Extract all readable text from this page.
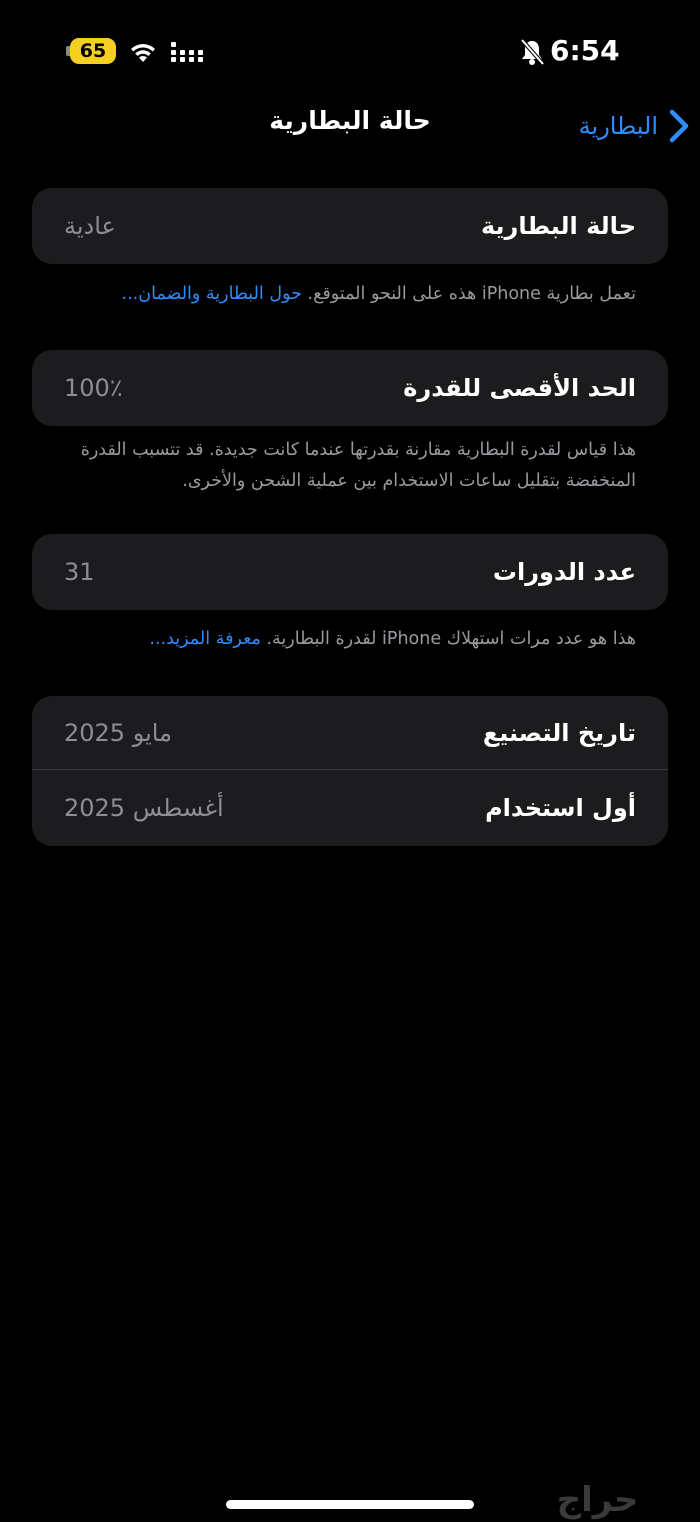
65	6:54
البطارية
حالة البطارية
حالة البطارية
عادية
تعمل بطارية iPhone هذه على النحو المتوقع. حول البطارية والضمان...
الحد الأقصى للقدرة
100٪
هذا قياس لقدرة البطارية مقارنة بقدرتها عندما كانت جديدة. قد تتسبب القدرة المنخفضة بتقليل ساعات الاستخدام بين عملية الشحن والأخرى.
عدد الدورات
31
هذا هو عدد مرات استهلاك iPhone لقدرة البطارية. معرفة المزيد...
تاريخ التصنيع
مايو 2025
أول استخدام
أغسطس 2025
حراج
